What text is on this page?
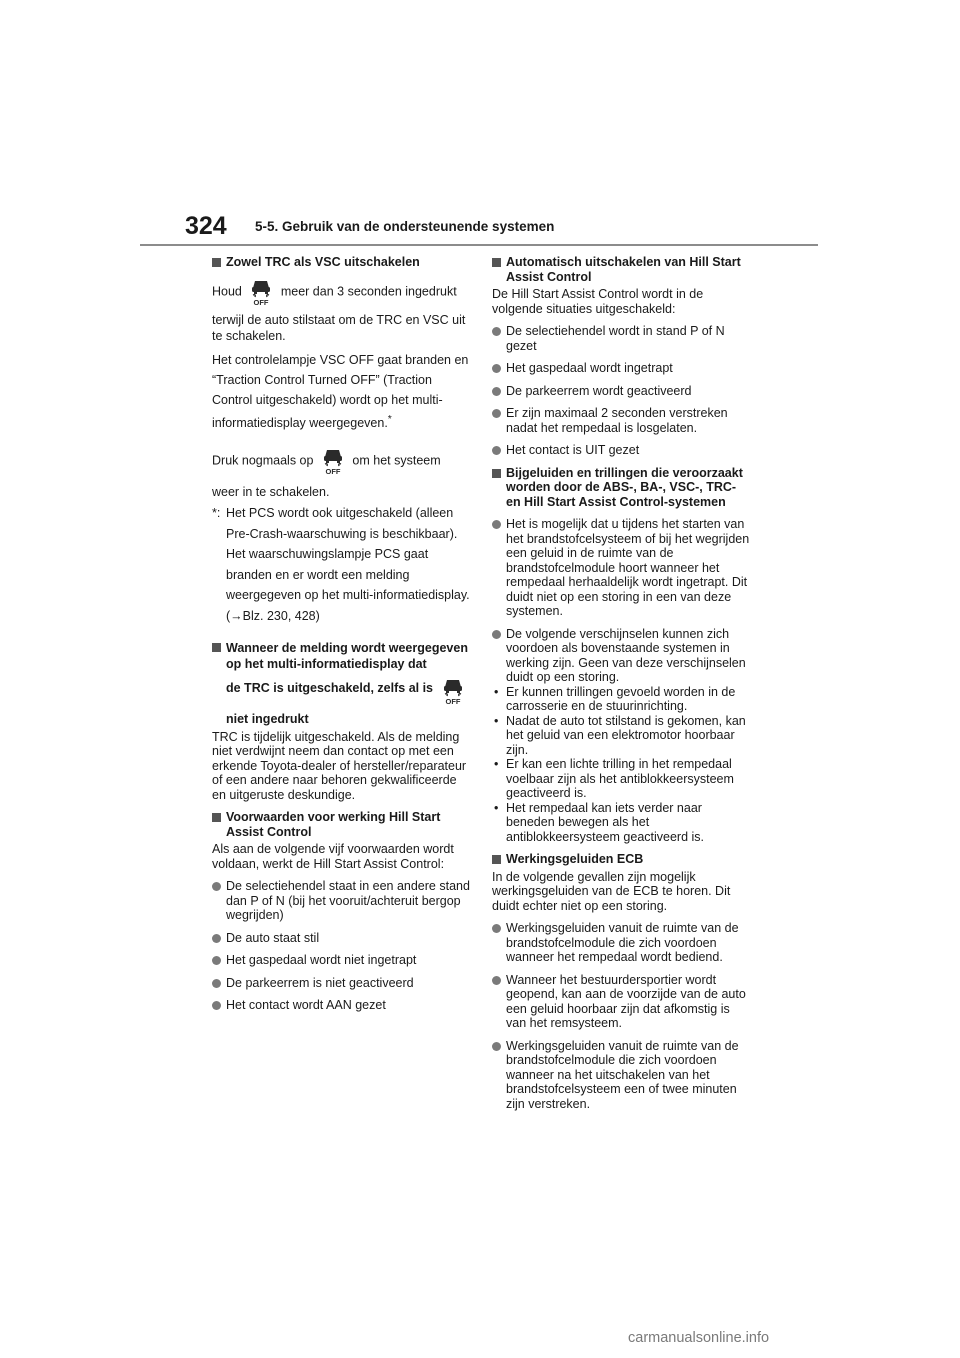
324 5-5. Gebruik van de ondersteunende systemen
Zowel TRC als VSC uitschakelen

Houd	meer dan 3 seconden ingedrukt

terwijl de auto stilstaat om de TRC en VSC uit te schakelen.

Het controlelampje VSC OFF gaat branden en “Traction Control Turned OFF” (Traction Control uitgeschakeld) wordt op het multi-informatiedisplay weergegeven.*

Druk nogmaals op	om het systeem

weer in te schakelen.

*: Het PCS wordt ook uitgeschakeld (alleen Pre-Crash-waarschuwing is beschikbaar). Het waarschuwingslampje PCS gaat branden en er wordt een melding weergegeven op het multi-informatiedisplay. (→Blz. 230, 428)
Wanneer de melding wordt weergegeven op het multi-informatiedisplay dat
de TRC is uitgeschakeld, zelfs al is

niet ingedrukt

TRC is tijdelijk uitgeschakeld. Als de melding niet verdwijnt neem dan contact op met een erkende Toyota-dealer of hersteller/reparateur of een andere naar behoren gekwalificeerde en uitgeruste deskundige.

Voorwaarden voor werking Hill Start Assist Control

Als aan de volgende vijf voorwaarden wordt voldaan, werkt de Hill Start Assist Control:

De selectiehendel staat in een andere stand dan P of N (bij het vooruit/achteruit bergop wegrijden)
De auto staat stil
Het gaspedaal wordt niet ingetrapt
De parkeerrem is niet geactiveerd
Het contact wordt AAN gezet
Automatisch uitschakelen van Hill Start Assist Control

De Hill Start Assist Control wordt in de volgende situaties uitgeschakeld:

De selectiehendel wordt in stand P of N gezet
Het gaspedaal wordt ingetrapt
De parkeerrem wordt geactiveerd
Er zijn maximaal 2 seconden verstreken nadat het rempedaal is losgelaten.
Het contact is UIT gezet
Bijgeluiden en trillingen die veroorzaakt worden door de ABS-, BA-, VSC-, TRC- en Hill Start Assist Control-systemen
Het is mogelijk dat u tijdens het starten van het brandstofcelsysteem of bij het wegrijden een geluid in de ruimte van de brandstofcelmodule hoort wanneer het rempedaal herhaaldelijk wordt ingetrapt. Dit duidt niet op een storing in een van deze systemen.
De volgende verschijnselen kunnen zich voordoen als bovenstaande systemen in werking zijn. Geen van deze verschijnselen duidt op een storing.
• Er kunnen trillingen gevoeld worden in de carrosserie en de stuurinrichting.
• Nadat de auto tot stilstand is gekomen, kan het geluid van een elektromotor hoorbaar zijn.
• Er kan een lichte trilling in het rempedaal voelbaar zijn als het antiblokkeersysteem geactiveerd is.
• Het rempedaal kan iets verder naar beneden bewegen als het antiblokkeersysteem geactiveerd is.
Werkingsgeluiden ECB

In de volgende gevallen zijn mogelijk werkingsgeluiden van de ECB te horen. Dit duidt echter niet op een storing.

Werkingsgeluiden vanuit de ruimte van de brandstofcelmodule die zich voordoen wanneer het rempedaal wordt bediend.
Wanneer het bestuurdersportier wordt geopend, kan aan de voorzijde van de auto een geluid hoorbaar zijn dat afkomstig is van het remsysteem.
Werkingsgeluiden vanuit de ruimte van de brandstofcelmodule die zich voordoen wanneer na het uitschakelen van het brandstofcelsysteem een of twee minuten zijn verstreken.
carmanualsonline.info
